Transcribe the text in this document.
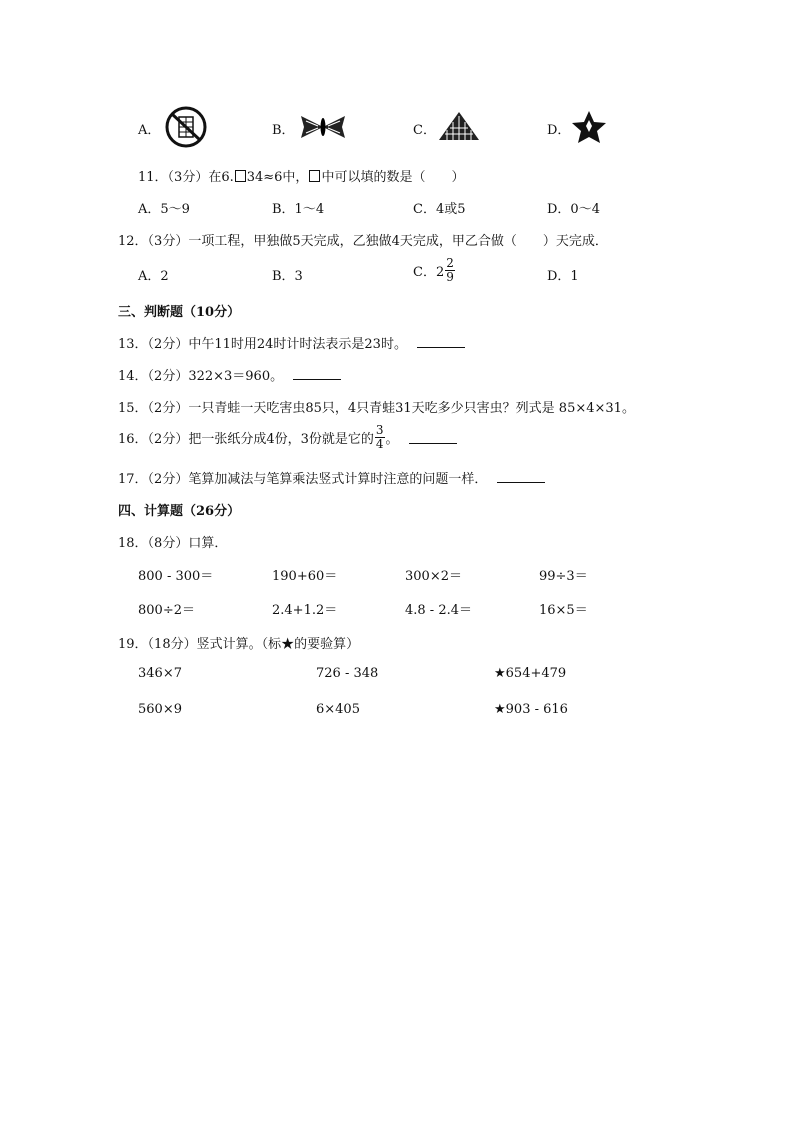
A．	B．	C．	D．
11．（3分）在6. 34≈6中， 中可以填的数是（　　）
A．5～9	B．1～4	C．4或5	D．0～4
12．（3分）一项工程，甲独做5天完成，乙独做4天完成，甲乙合做（　　）天完成．
A．2	B．3	C．$2 \frac{2}{9}$	D．1
三、判断题（10分）
13．（2分）中午11时用24时计时法表示是23时。
14．（2分）322×3＝960。
15．（2分）一只青蛙一天吃害虫85只，4只青蛙31天吃多少只害虫？列式是 85×4×31。
16．（2分）把一张纸分成4份，3份就是它的 $\frac{3}{4}$ 。
17．（2分）笔算加减法与笔算乘法竖式计算时注意的问题一样．
四、计算题（26分）
18．（8分）口算．
800 - 300＝	190+60＝	300×2＝	99÷3＝
800÷2＝	2.4+1.2＝	4.8 - 2.4＝	16×5＝
19．（18分）竖式计算。（标★的要验算）
346×7	726 - 348	★654+479
560×9	6×405	★903 - 616
